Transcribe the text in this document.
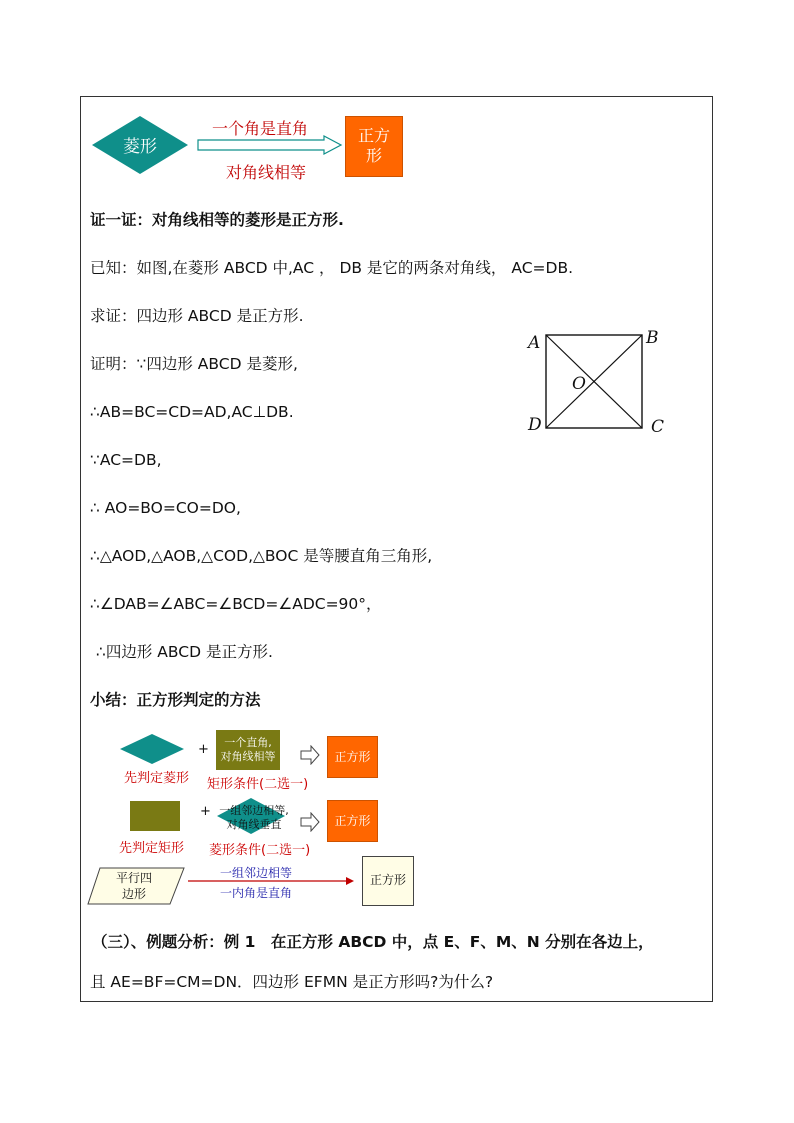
菱形
一个角是直角
对角线相等
正方
形
证一证：对角线相等的菱形是正方形.
已知：如图,在菱形 ABCD 中,AC ， DB 是它的两条对角线， AC=DB.
求证：四边形 ABCD 是正方形.
证明：∵四边形 ABCD 是菱形,
∴AB=BC=CD=AD,AC⊥DB.
∵AC=DB,
∴ AO=BO=CO=DO,
∴△AOD,△AOB,△COD,△BOC 是等腰直角三角形,
∴∠DAB=∠ABC=∠BCD=∠ADC=90°，
∴四边形 ABCD 是正方形.
小结：正方形判定的方法
A	B
C
D
O
先判定菱形
+	一个直角,
对角线相等
矩形条件(二选一)
正方形
先判定矩形
+ 一组邻边相等,
对角线垂直
菱形条件(二选一)
正方形
平行四
边形
一组邻边相等
一内角是直角
正方形
（三）、例题分析：例 1　在正方形 ABCD 中，点 E、F、M、N 分别在各边上，
且 AE=BF=CM=DN．四边形 EFMN 是正方形吗?为什么?
